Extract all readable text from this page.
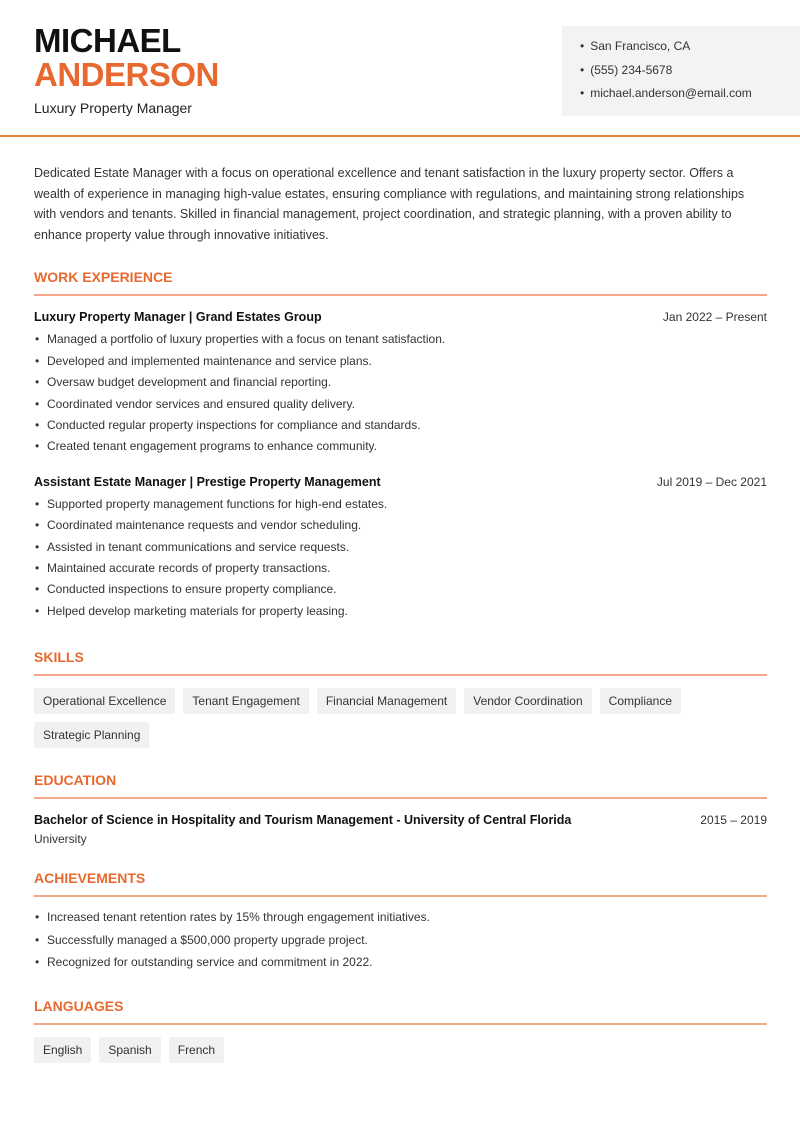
MICHAEL
ANDERSON
Luxury Property Manager
• San Francisco, CA
• (555) 234-5678
• michael.anderson@email.com

Dedicated Estate Manager with a focus on operational excellence and tenant satisfaction in the luxury property sector. Offers a wealth of experience in managing high-value estates, ensuring compliance with regulations, and maintaining strong relationships with vendors and tenants. Skilled in financial management, project coordination, and strategic planning, with a proven ability to enhance property value through innovative initiatives.

WORK EXPERIENCE
Luxury Property Manager | Grand Estates Group	Jan 2022 – Present
• Managed a portfolio of luxury properties with a focus on tenant satisfaction.
• Developed and implemented maintenance and service plans.
• Oversaw budget development and financial reporting.
• Coordinated vendor services and ensured quality delivery.
• Conducted regular property inspections for compliance and standards.
• Created tenant engagement programs to enhance community.
Assistant Estate Manager | Prestige Property Management	Jul 2019 – Dec 2021
• Supported property management functions for high-end estates.
• Coordinated maintenance requests and vendor scheduling.
• Assisted in tenant communications and service requests.
• Maintained accurate records of property transactions.
• Conducted inspections to ensure property compliance.
• Helped develop marketing materials for property leasing.
SKILLS
Operational Excellence	Tenant Engagement	Financial Management	Vendor Coordination	Compliance
Strategic Planning
EDUCATION
Bachelor of Science in Hospitality and Tourism Management - University of Central Florida	2015 – 2019
University
ACHIEVEMENTS
• Increased tenant retention rates by 15% through engagement initiatives.
• Successfully managed a $500,000 property upgrade project.
• Recognized for outstanding service and commitment in 2022.
LANGUAGES
English	Spanish	French
